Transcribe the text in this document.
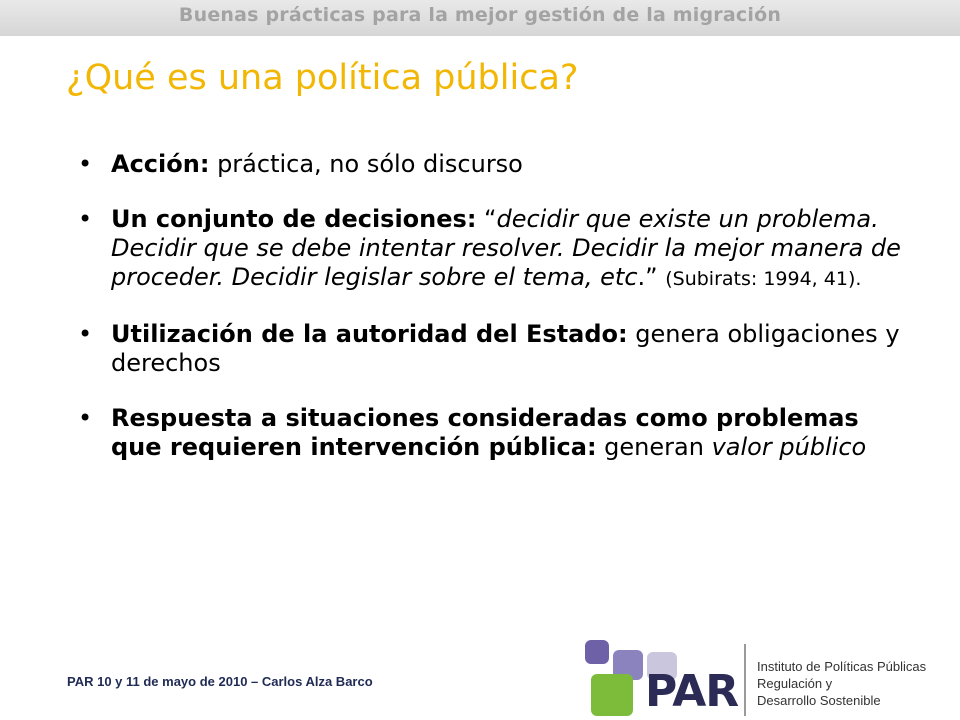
Buenas prácticas para la mejor gestión de la migración
¿Qué es una política pública?
• Acción: práctica, no sólo discurso
• Un conjunto de decisiones: “decidir que existe un problema. Decidir que se debe intentar resolver. Decidir la mejor manera de proceder. Decidir legislar sobre el tema, etc.” (Subirats: 1994, 41).
• Utilización de la autoridad del Estado: genera obligaciones y derechos
• Respuesta a situaciones consideradas como problemas que requieren intervención pública: generan valor público
PAR 10 y 11 de mayo de 2010 – Carlos Alza Barco	PAR Instituto de Políticas Públicas
Regulación y
Desarrollo Sostenible
